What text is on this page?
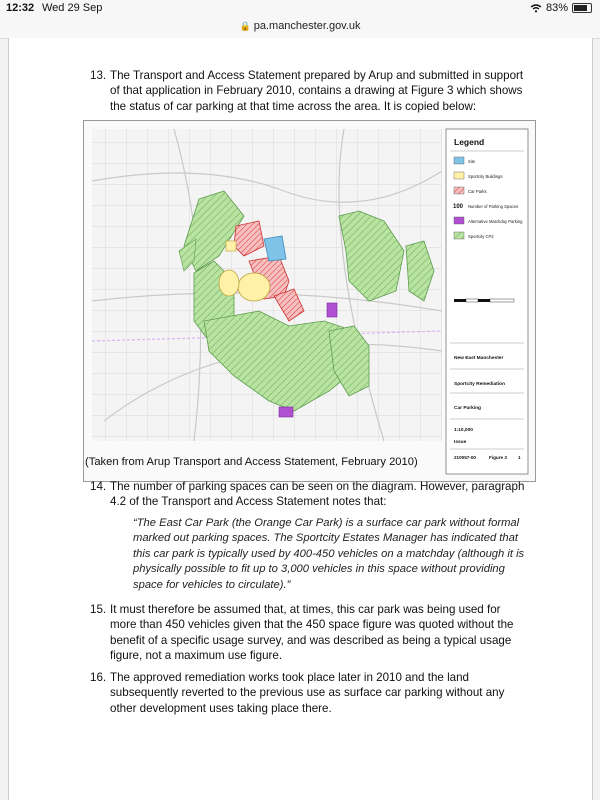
12:32 Wed 29 Sep	83%
🔒 pa.manchester.gov.uk
13. The Transport and Access Statement prepared by Arup and submitted in support of that application in February 2010, contains a drawing at Figure 3 which shows the status of car parking at that time across the area. It is copied below:
Legend
Site
Sportcity Buildings
Car Parks
100 Number of Parking Spaces
Alternative Matchday Parking
Sportcity CP2
New East Manchester
Sportcity Remediation
Car Parking
1:10,000
Issue
210057-00	Figure 3 1
(Taken from Arup Transport and Access Statement, February 2010)
14. The number of parking spaces can be seen on the diagram. However, paragraph 4.2 of the Transport and Access Statement notes that:
“The East Car Park (the Orange Car Park) is a surface car park without formal marked out parking spaces. The Sportcity Estates Manager has indicated that this car park is typically used by 400-450 vehicles on a matchday (although it is physically possible to fit up to 3,000 vehicles in this space without providing space for vehicles to circulate).”
15. It must therefore be assumed that, at times, this car park was being used for more than 450 vehicles given that the 450 space figure was quoted without the benefit of a specific usage survey, and was described as being a typical usage figure, not a maximum use figure.
16. The approved remediation works took place later in 2010 and the land subsequently reverted to the previous use as surface car parking without any other development uses taking place there.
